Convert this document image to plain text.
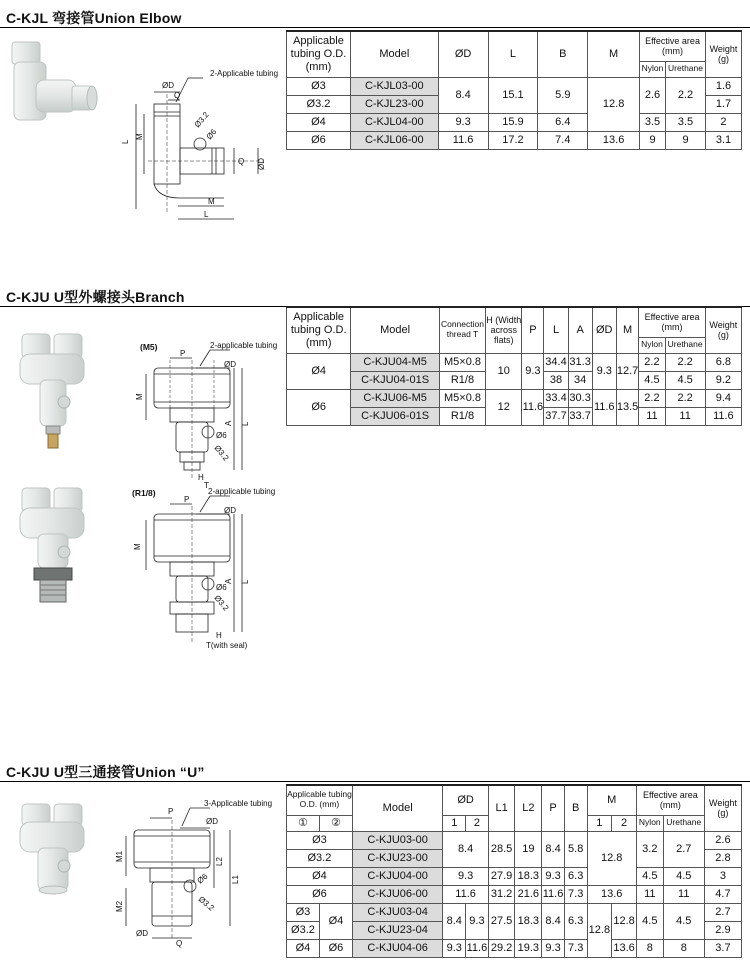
C-KJL 弯接管Union Elbow
ØD
Q
2-Applicable tubing
Ø3.2
Ø6
Q ØD
L
M
M
L
Applicable tubing O.D. (mm)	Model	ØD	L	B	M	Effective area (mm)		Weight (g)
						Nylon	Urethane	
Ø3	C-KJL03-00	8.4	15.1	5.9	12.8	2.6	2.2	1.6
Ø3.2	C-KJL23-00							1.7
Ø4	C-KJL04-00	9.3	15.9	6.4		3.5	3.5	2
Ø6	C-KJL06-00	11.6	17.2	7.4	13.6	9	9	3.1
C-KJU U型外螺接头Branch
(M5)
P
2-applicable tubing
ØD
M
A L
Ø6
Ø3.2
H
T
(R1/8)
P
2-applicable tubing
ØD
M
A L
Ø6
Ø3.2
H
T(with seal)
Applicable tubing O.D. (mm)	Model	Connection thread T	H (Width across flats)	P	L	A	ØD	M	Effective area (mm)		Weight (g)
									Nylon	Urethane	
Ø4	C-KJU04-M5	M5×0.8	10	9.3	34.4	31.3	9.3	12.7	2.2	2.2	6.8
	C-KJU04-01S	R1/8			38	34			4.5	4.5	9.2
Ø6	C-KJU06-M5	M5×0.8	12	11.6	33.4	30.3	11.6	13.5	2.2	2.2	9.4
	C-KJU06-01S	R1/8			37.7	33.7			11	11	11.6
C-KJU U型三通接管Union “U”
P
3-Applicable tubing
ØD
M1
M2
L2
L1
Ø6
Ø3.2
ØD
Q
Applicable tubing O.D. (mm)		Model	ØD		L1	L2	P	B	M		Effective area (mm)		Weight (g)
①	②		1	2					1	2	Nylon	Urethane	
Ø3		C-KJU03-00	8.4		28.5	19	8.4	5.8	12.8		3.2	2.7	2.6
Ø3.2		C-KJU23-00											2.8
Ø4		C-KJU04-00	9.3		27.9	18.3	9.3	6.3			4.5	4.5	3
Ø6		C-KJU06-00	11.6		31.2	21.6	11.6	7.3	13.6		11	11	4.7
Ø3	Ø4	C-KJU03-04	8.4	9.3	27.5	18.3	8.4	6.3	12.8	12.8	4.5	4.5	2.7
Ø3.2		C-KJU23-04											2.9
Ø4	Ø6	C-KJU04-06	9.3	11.6	29.2	19.3	9.3	7.3		13.6	8	8	3.7
